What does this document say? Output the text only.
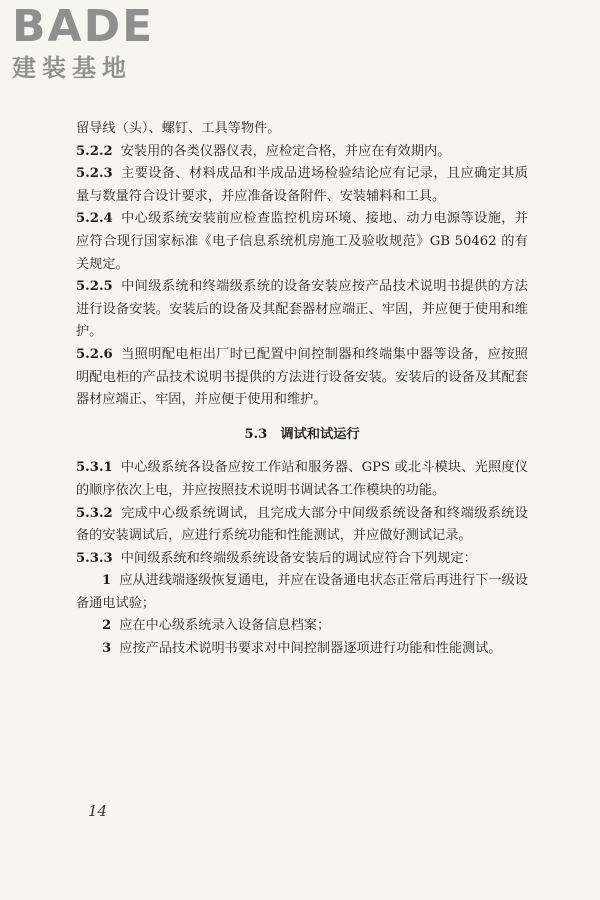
BADE
建装基地

留导线（头）、螺钉、工具等物件。

5.2.2 安装用的各类仪器仪表，应检定合格，并应在有效期内。

5.2.3 主要设备、材料成品和半成品进场检验结论应有记录，且应确定其质量与数量符合设计要求，并应准备设备附件、安装辅料和工具。

5.2.4 中心级系统安装前应检查监控机房环境、接地、动力电源等设施，并应符合现行国家标准《电子信息系统机房施工及验收规范》GB 50462 的有关规定。

5.2.5 中间级系统和终端级系统的设备安装应按产品技术说明书提供的方法进行设备安装。安装后的设备及其配套器材应端正、牢固，并应便于使用和维护。

5.2.6 当照明配电柜出厂时已配置中间控制器和终端集中器等设备，应按照明配电柜的产品技术说明书提供的方法进行设备安装。安装后的设备及其配套器材应端正、牢固，并应便于使用和维护。

5.3　调试和试运行

5.3.1 中心级系统各设备应按工作站和服务器、GPS 或北斗模块、光照度仪的顺序依次上电，并应按照技术说明书调试各工作模块的功能。

5.3.2 完成中心级系统调试，且完成大部分中间级系统设备和终端级系统设备的安装调试后，应进行系统功能和性能测试，并应做好测试记录。

5.3.3 中间级系统和终端级系统设备安装后的调试应符合下列规定：

1 应从进线端逐级恢复通电，并应在设备通电状态正常后再进行下一级设备通电试验；

2 应在中心级系统录入设备信息档案；

3 应按产品技术说明书要求对中间控制器逐项进行功能和性能测试。

14
